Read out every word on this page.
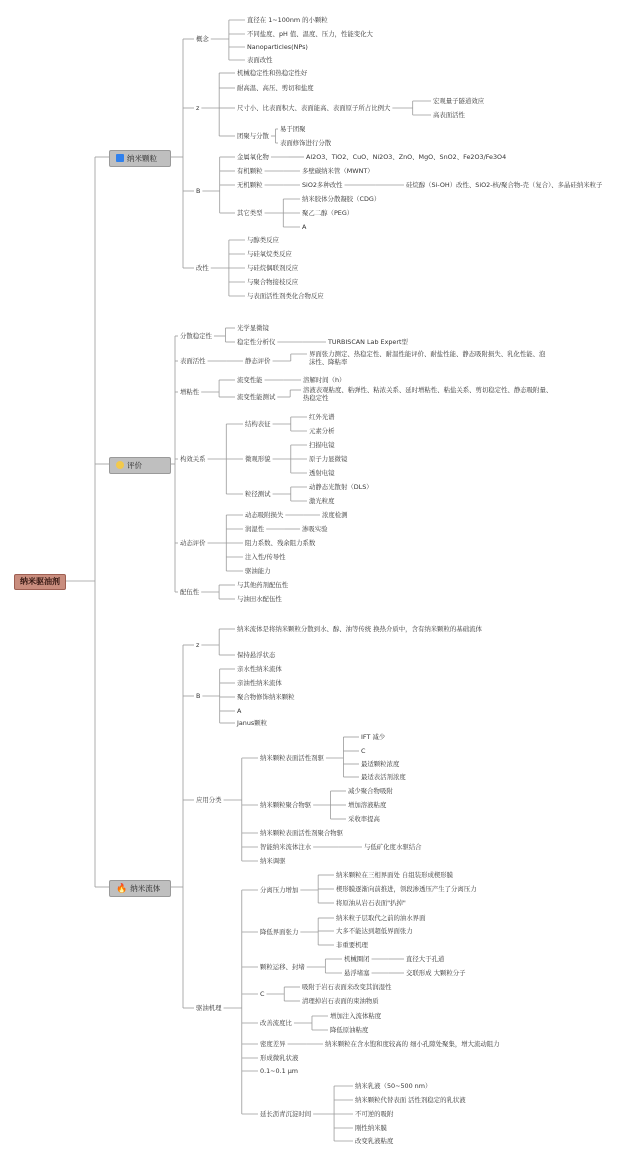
纳米驱油剂
纳米颗粒
评价
🔥 纳米流体
概念
直径在 1~100nm 的小颗粒
不同盐度、pH 值、温度、压力，性能变化大
Nanoparticles(NPs)
表面改性
z
机械稳定性和热稳定性好
耐高温、高压、剪切和盐度
尺寸小、比表面积大、表面能高、表面原子所占比例大
宏观量子隧道效应
高表面活性
团聚与分散
易于团聚
表面修饰进行分散
B
金属氧化物	Al2O3、TiO2、CuO、Ni2O3、ZnO、MgO、SnO2、Fe2O3/Fe3O4
有机颗粒	多壁碳纳米管（MWNT）
无机颗粒	SiO2多种改性	硅烷醇（Si-OH）改性、SiO2-核/聚合物-壳（复合）、多晶硅纳米粒子
其它类型
纳米胶体分散凝胶（CDG）
聚乙二醇（PEG）
A
改性
与醇类反应
与硅氧烷类反应
与硅烷偶联剂反应
与聚合物接枝反应
与表面活性剂类化合物反应
分散稳定性
光学显微镜
稳定性分析仪	TURBISCAN Lab Expert型
表面活性	静态评价
界面张力测定、热稳定性、耐温性能评价、耐盐性能、静态吸附损失、乳化性能、泡沫性、降粘率
增粘性
流变性能	溶解时间（h）
流变性能测试
溶液表观粘度、粘弹性、粘浓关系、延时增粘性、粘盐关系、剪切稳定性、静态吸附量、热稳定性
构效关系
结构表征
红外光谱
元素分析
微观形貌
扫描电镜
原子力显微镜
透射电镜
粒径测试
动静态光散射（DLS）
激光粒度
动态评价
动态吸附损失	浓度检测
润湿性	渗吸实验
阻力系数、残余阻力系数
注入性/传导性
驱油能力
配伍性
与其他药剂配伍性
与油田水配伍性
z
纳米流体是将纳米颗粒分散到水、醇、油等传统 换热介质中，含有纳米颗粒的基础流体
保持悬浮状态
B
亲水性纳米流体
亲油性纳米流体
聚合物修饰纳米颗粒
A
Janus颗粒
应用分类
纳米颗粒表面活性剂驱
IFT 减少
C
最适颗粒浓度
最适表活剂浓度
纳米颗粒聚合物驱
减少聚合物吸附
增加溶液粘度
采收率提高
纳米颗粒表面活性剂聚合物驱
智能纳米流体注水	与低矿化度水驱结合
纳米调驱
驱油机理
分离压力增加
纳米颗粒在三相界面处 自组装形成楔形膜
楔形膜逐渐向前推进，领段渗透压产生了分离压力
将原油从岩石表面"扒掉"
降低界面张力
纳米粒子层取代之前的油水界面
大多不能达到超低界面张力
非重要机理
颗粒运移、封堵
机械圈闭	直径大于孔道
悬浮堵塞	交联形成 大颗粒分子
C
吸附于岩石表面来改变其润湿性
清理掉岩石表面的束油物质
改善流度比
增加注入流体粘度
降低原油粘度
密度差异	纳米颗粒在含水饱和度较高的 细小孔隙处聚集，增大流动阻力
形成微乳状液
0.1~0.1 μm
延长沥青沉淀时间
纳米乳液（50~500 nm）
纳米颗粒代替表面 活性剂稳定的乳状液
不可逆的吸附
刚性纳米膜
改变乳液粘度
